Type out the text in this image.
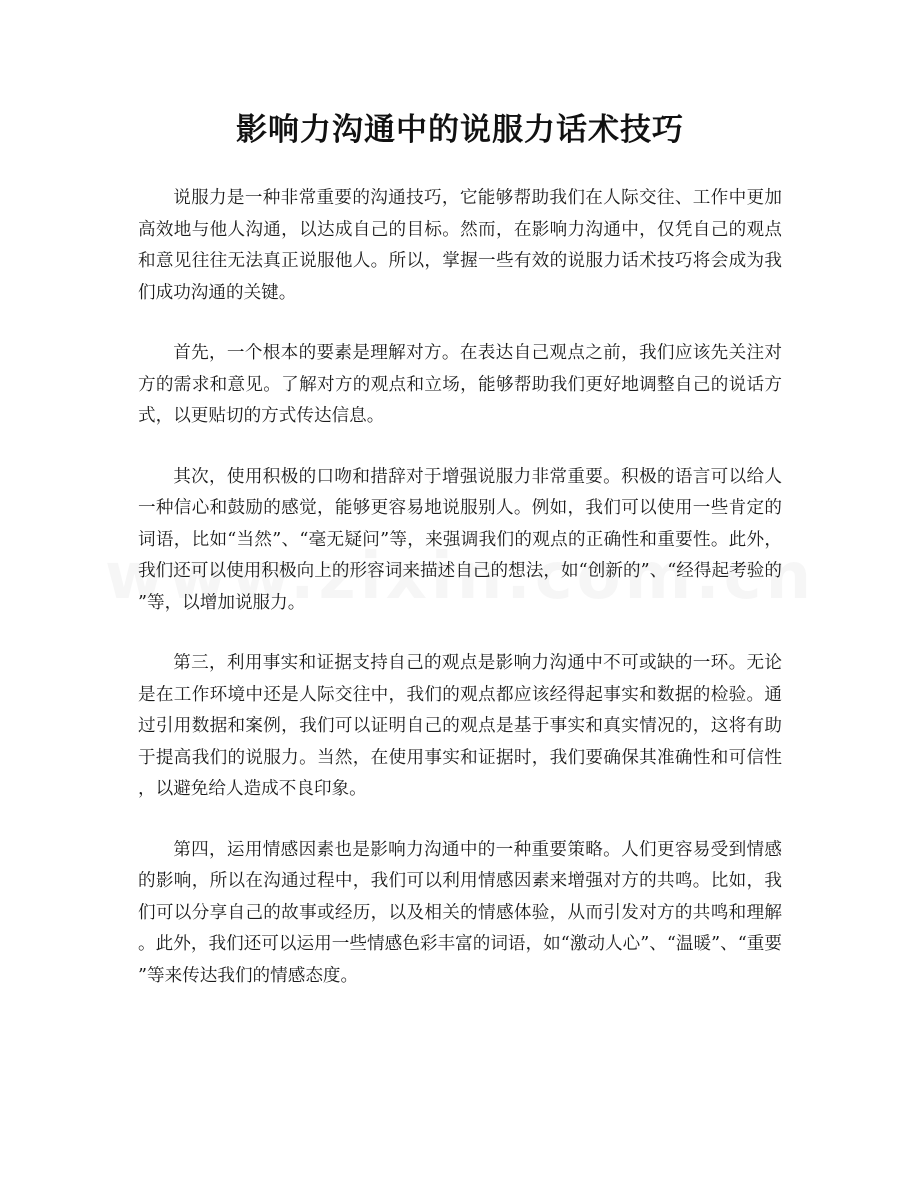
影响力沟通中的说服力话术技巧

说服力是一种非常重要的沟通技巧，它能够帮助我们在人际交往、工作中更加高效地与他人沟通，以达成自己的目标。然而，在影响力沟通中，仅凭自己的观点和意见往往无法真正说服他人。所以，掌握一些有效的说服力话术技巧将会成为我们成功沟通的关键。

首先，一个根本的要素是理解对方。在表达自己观点之前，我们应该先关注对方的需求和意见。了解对方的观点和立场，能够帮助我们更好地调整自己的说话方式，以更贴切的方式传达信息。

其次，使用积极的口吻和措辞对于增强说服力非常重要。积极的语言可以给人一种信心和鼓励的感觉，能够更容易地说服别人。例如，我们可以使用一些肯定的词语，比如“当然”、“毫无疑问”等，来强调我们的观点的正确性和重要性。此外，我们还可以使用积极向上的形容词来描述自己的想法，如“创新的”、“经得起考验的”等，以增加说服力。

第三，利用事实和证据支持自己的观点是影响力沟通中不可或缺的一环。无论是在工作环境中还是人际交往中，我们的观点都应该经得起事实和数据的检验。通过引用数据和案例，我们可以证明自己的观点是基于事实和真实情况的，这将有助于提高我们的说服力。当然，在使用事实和证据时，我们要确保其准确性和可信性，以避免给人造成不良印象。

第四，运用情感因素也是影响力沟通中的一种重要策略。人们更容易受到情感的影响，所以在沟通过程中，我们可以利用情感因素来增强对方的共鸣。比如，我们可以分享自己的故事或经历，以及相关的情感体验，从而引发对方的共鸣和理解。此外，我们还可以运用一些情感色彩丰富的词语，如“激动人心”、“温暖”、“重要”等来传达我们的情感态度。
